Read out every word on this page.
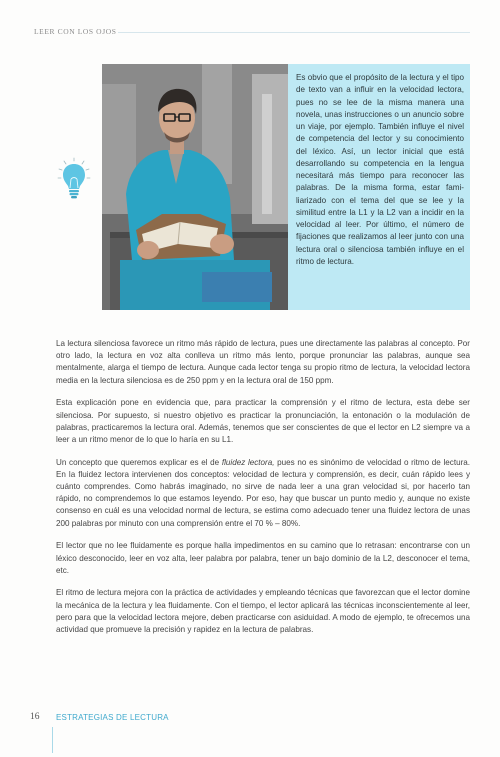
LEER CON LOS OJOS
Es obvio que el propósito de la lectura y el tipo de texto van a influir en la velocidad lectora, pues no se lee de la misma manera una novela, unas instrucciones o un anuncio sobre un viaje, por ejemplo. También influye el nivel de competencia del lector y su conocimiento del léxico. Así, un lector inicial que está desarrollando su competencia en la lengua necesitará más tiempo para reconocer las palabras. De la misma forma, estar fami-liarizado con el tema del que se lee y la similitud entre la L1 y la L2 van a incidir en la velocidad al leer. Por último, el número de fijaciones que realizamos al leer junto con una lectura oral o silenciosa también influye en el ritmo de lectura.

La lectura silenciosa favorece un ritmo más rápido de lectura, pues une directamente las palabras al concepto. Por otro lado, la lectura en voz alta conlleva un ritmo más lento, porque pronunciar las palabras, aunque sea mentalmente, alarga el tiempo de lectura. Aunque cada lector tenga su propio ritmo de lectura, la velocidad lectora media en la lectura silenciosa es de 250 ppm y en la lectura oral de 150 ppm.

Esta explicación pone en evidencia que, para practicar la comprensión y el ritmo de lectura, esta debe ser silenciosa. Por supuesto, si nuestro objetivo es practicar la pronunciación, la entonación o la modulación de palabras, practicaremos la lectura oral. Además, tenemos que ser conscientes de que el lector en L2 siempre va a leer a un ritmo menor de lo que lo haría en su L1.

Un concepto que queremos explicar es el de fluidez lectora, pues no es sinónimo de velocidad o ritmo de lectura. En la fluidez lectora intervienen dos conceptos: velocidad de lectura y comprensión, es decir, cuán rápido lees y cuánto comprendes. Como habrás imaginado, no sirve de nada leer a una gran velocidad si, por hacerlo tan rápido, no comprendemos lo que estamos leyendo. Por eso, hay que buscar un punto medio y, aunque no existe consenso en cuál es una velocidad normal de lectura, se estima como adecuado tener una fluidez lectora de unas 200 palabras por minuto con una comprensión entre el 70 % – 80%.

El lector que no lee fluidamente es porque halla impedimentos en su camino que lo retrasan: encontrarse con un léxico desconocido, leer en voz alta, leer palabra por palabra, tener un bajo dominio de la L2, desconocer el tema, etc.

El ritmo de lectura mejora con la práctica de actividades y empleando técnicas que favorezcan que el lector domine la mecánica de la lectura y lea fluidamente. Con el tiempo, el lector aplicará las técnicas inconscientemente al leer, pero para que la velocidad lectora mejore, deben practicarse con asiduidad. A modo de ejemplo, te ofrecemos una actividad que promueve la precisión y rapidez en la lectura de palabras.

16 ESTRATEGIAS DE LECTURA
